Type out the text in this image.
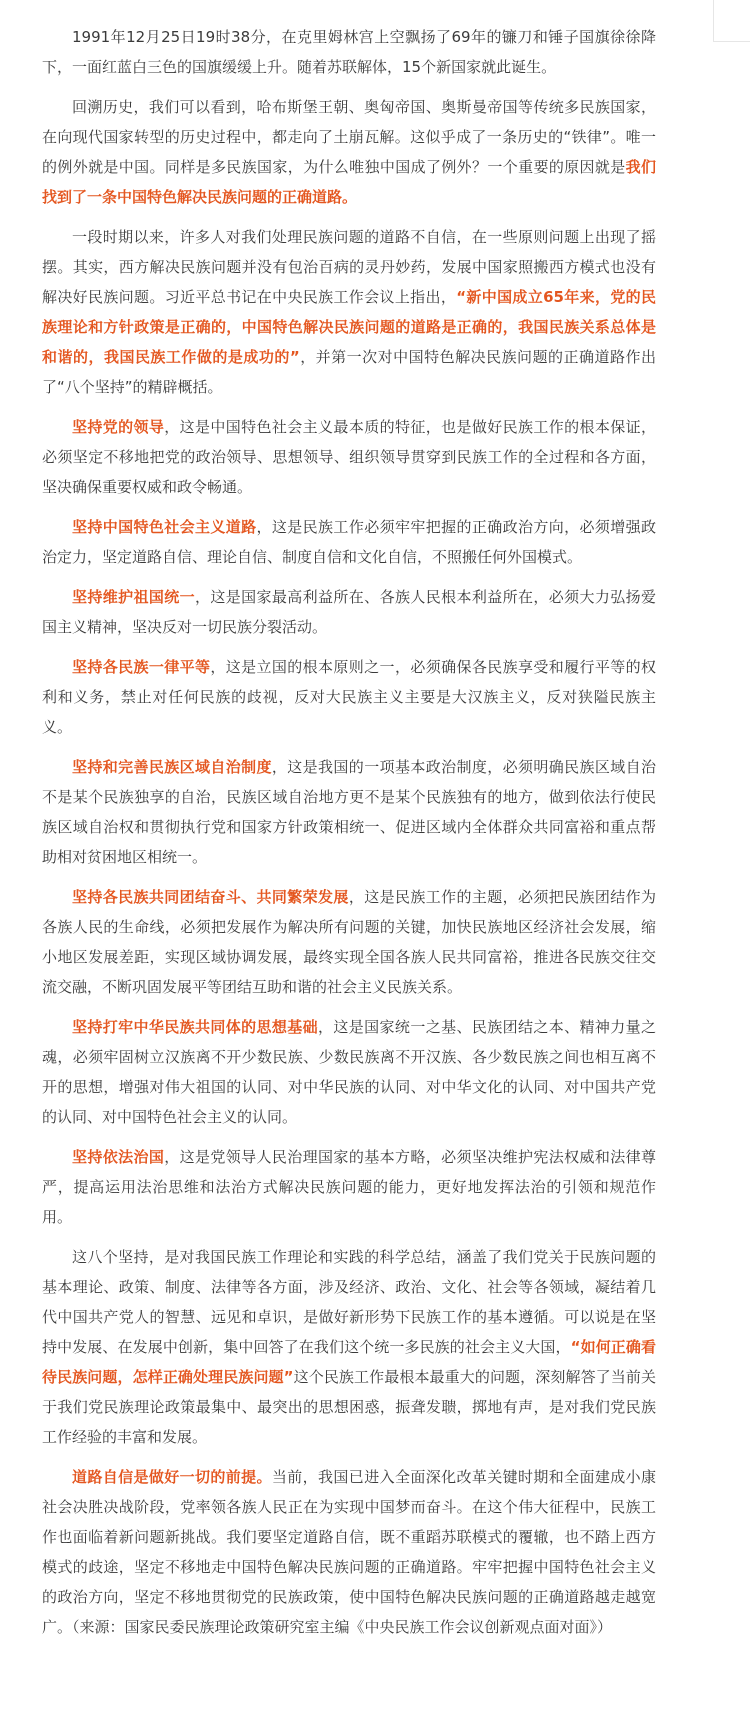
1991年12月25日19时38分，在克里姆林宫上空飘扬了69年的镰刀和锤子国旗徐徐降下，一面红蓝白三色的国旗缓缓上升。随着苏联解体，15个新国家就此诞生。

回溯历史，我们可以看到，哈布斯堡王朝、奥匈帝国、奥斯曼帝国等传统多民族国家，在向现代国家转型的历史过程中，都走向了土崩瓦解。这似乎成了一条历史的“铁律”。唯一的例外就是中国。同样是多民族国家，为什么唯独中国成了例外？一个重要的原因就是我们找到了一条中国特色解决民族问题的正确道路。

一段时期以来，许多人对我们处理民族问题的道路不自信，在一些原则问题上出现了摇摆。其实，西方解决民族问题并没有包治百病的灵丹妙药，发展中国家照搬西方模式也没有解决好民族问题。习近平总书记在中央民族工作会议上指出，“新中国成立65年来，党的民族理论和方针政策是正确的，中国特色解决民族问题的道路是正确的，我国民族关系总体是和谐的，我国民族工作做的是成功的”，并第一次对中国特色解决民族问题的正确道路作出了“八个坚持”的精辟概括。

坚持党的领导，这是中国特色社会主义最本质的特征，也是做好民族工作的根本保证，必须坚定不移地把党的政治领导、思想领导、组织领导贯穿到民族工作的全过程和各方面，坚决确保重要权威和政令畅通。

坚持中国特色社会主义道路，这是民族工作必须牢牢把握的正确政治方向，必须增强政治定力，坚定道路自信、理论自信、制度自信和文化自信，不照搬任何外国模式。

坚持维护祖国统一，这是国家最高利益所在、各族人民根本利益所在，必须大力弘扬爱国主义精神，坚决反对一切民族分裂活动。

坚持各民族一律平等，这是立国的根本原则之一，必须确保各民族享受和履行平等的权利和义务，禁止对任何民族的歧视，反对大民族主义主要是大汉族主义，反对狭隘民族主义。

坚持和完善民族区域自治制度，这是我国的一项基本政治制度，必须明确民族区域自治不是某个民族独享的自治，民族区域自治地方更不是某个民族独有的地方，做到依法行使民族区域自治权和贯彻执行党和国家方针政策相统一、促进区域内全体群众共同富裕和重点帮助相对贫困地区相统一。

坚持各民族共同团结奋斗、共同繁荣发展，这是民族工作的主题，必须把民族团结作为各族人民的生命线，必须把发展作为解决所有问题的关键，加快民族地区经济社会发展，缩小地区发展差距，实现区域协调发展，最终实现全国各族人民共同富裕，推进各民族交往交流交融，不断巩固发展平等团结互助和谐的社会主义民族关系。

坚持打牢中华民族共同体的思想基础，这是国家统一之基、民族团结之本、精神力量之魂，必须牢固树立汉族离不开少数民族、少数民族离不开汉族、各少数民族之间也相互离不开的思想，增强对伟大祖国的认同、对中华民族的认同、对中华文化的认同、对中国共产党的认同、对中国特色社会主义的认同。

坚持依法治国，这是党领导人民治理国家的基本方略，必须坚决维护宪法权威和法律尊严，提高运用法治思维和法治方式解决民族问题的能力，更好地发挥法治的引领和规范作用。

这八个坚持，是对我国民族工作理论和实践的科学总结，涵盖了我们党关于民族问题的基本理论、政策、制度、法律等各方面，涉及经济、政治、文化、社会等各领域，凝结着几代中国共产党人的智慧、远见和卓识，是做好新形势下民族工作的基本遵循。可以说是在坚持中发展、在发展中创新，集中回答了在我们这个统一多民族的社会主义大国，“如何正确看待民族问题，怎样正确处理民族问题”这个民族工作最根本最重大的问题，深刻解答了当前关于我们党民族理论政策最集中、最突出的思想困惑，振聋发聩，掷地有声，是对我们党民族工作经验的丰富和发展。

道路自信是做好一切的前提。当前，我国已进入全面深化改革关键时期和全面建成小康社会决胜决战阶段，党率领各族人民正在为实现中国梦而奋斗。在这个伟大征程中，民族工作也面临着新问题新挑战。我们要坚定道路自信，既不重蹈苏联模式的覆辙，也不踏上西方模式的歧途，坚定不移地走中国特色解决民族问题的正确道路。牢牢把握中国特色社会主义的政治方向，坚定不移地贯彻党的民族政策，使中国特色解决民族问题的正确道路越走越宽广。（来源：国家民委民族理论政策研究室主编《中央民族工作会议创新观点面对面》）
